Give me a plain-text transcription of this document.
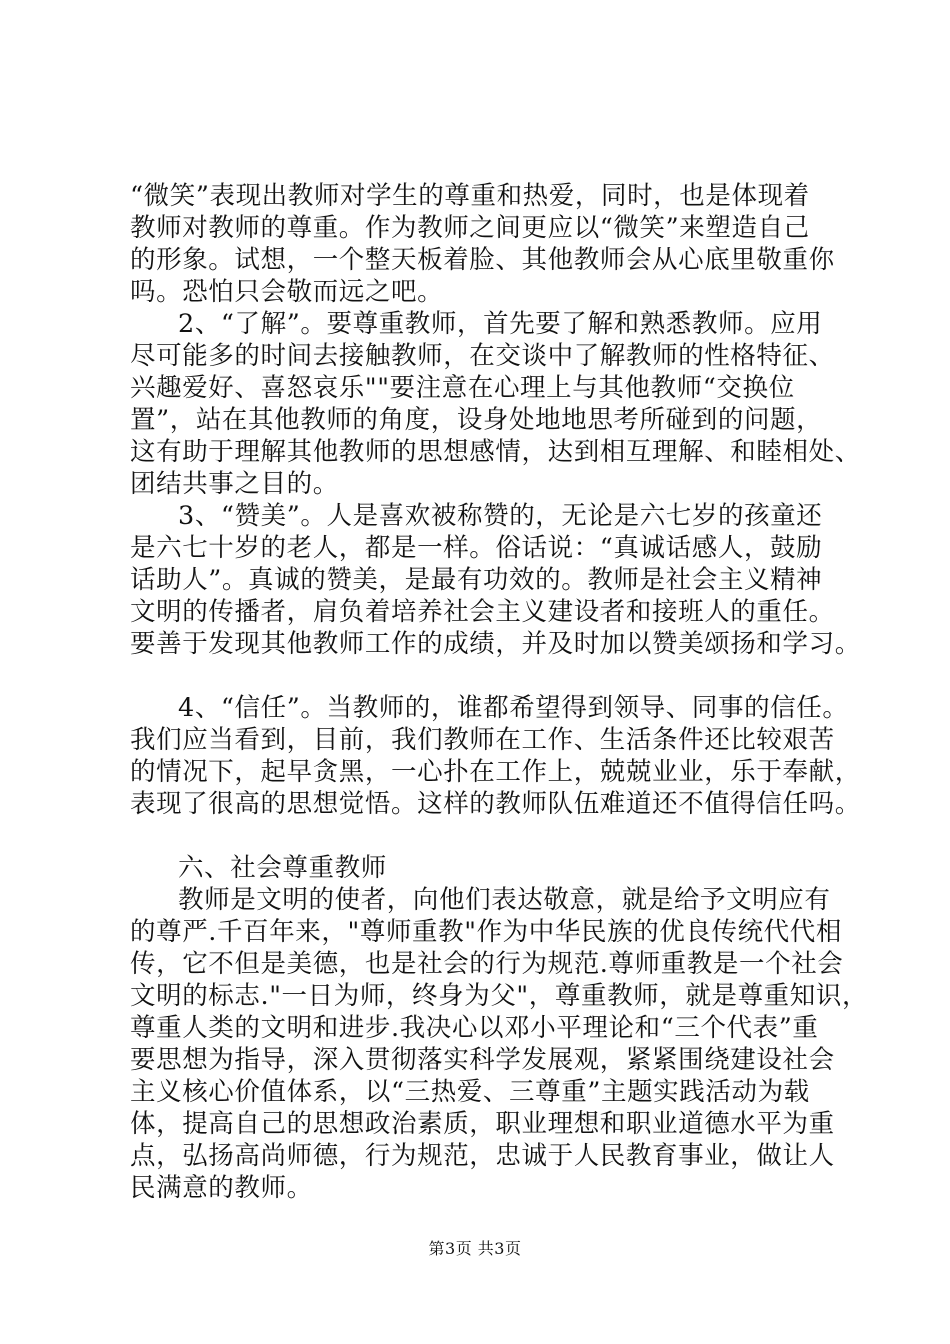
“微笑”表现出教师对学生的尊重和热爱，同时，也是体现着
教师对教师的尊重。作为教师之间更应以“微笑”来塑造自己
的形象。试想，一个整天板着脸、其他教师会从心底里敬重你
吗。恐怕只会敬而远之吧。
2、“了解”。要尊重教师，首先要了解和熟悉教师。应用
尽可能多的时间去接触教师，在交谈中了解教师的性格特征、
兴趣爱好、喜怒哀乐""要注意在心理上与其他教师“交换位
置”，站在其他教师的角度，设身处地地思考所碰到的问题，
这有助于理解其他教师的思想感情，达到相互理解、和睦相处、
团结共事之目的。
3、“赞美”。人是喜欢被称赞的，无论是六七岁的孩童还
是六七十岁的老人，都是一样。俗话说：“真诚话感人，鼓励
话助人”。真诚的赞美，是最有功效的。教师是社会主义精神
文明的传播者，肩负着培养社会主义建设者和接班人的重任。
要善于发现其他教师工作的成绩，并及时加以赞美颂扬和学习。
4、“信任”。当教师的，谁都希望得到领导、同事的信任。
我们应当看到，目前，我们教师在工作、生活条件还比较艰苦
的情况下，起早贪黑，一心扑在工作上，兢兢业业，乐于奉献，
表现了很高的思想觉悟。这样的教师队伍难道还不值得信任吗。
六、社会尊重教师
教师是文明的使者，向他们表达敬意，就是给予文明应有
的尊严.千百年来，"尊师重教"作为中华民族的优良传统代代相
传，它不但是美德，也是社会的行为规范.尊师重教是一个社会
文明的标志."一日为师，终身为父"，尊重教师，就是尊重知识，
尊重人类的文明和进步.我决心以邓小平理论和“三个代表”重
要思想为指导，深入贯彻落实科学发展观，紧紧围绕建设社会
主义核心价值体系，以“三热爱、三尊重”主题实践活动为载
体，提高自己的思想政治素质，职业理想和职业道德水平为重
点，弘扬高尚师德，行为规范，忠诚于人民教育事业，做让人
民满意的教师。
第3页 共3页
